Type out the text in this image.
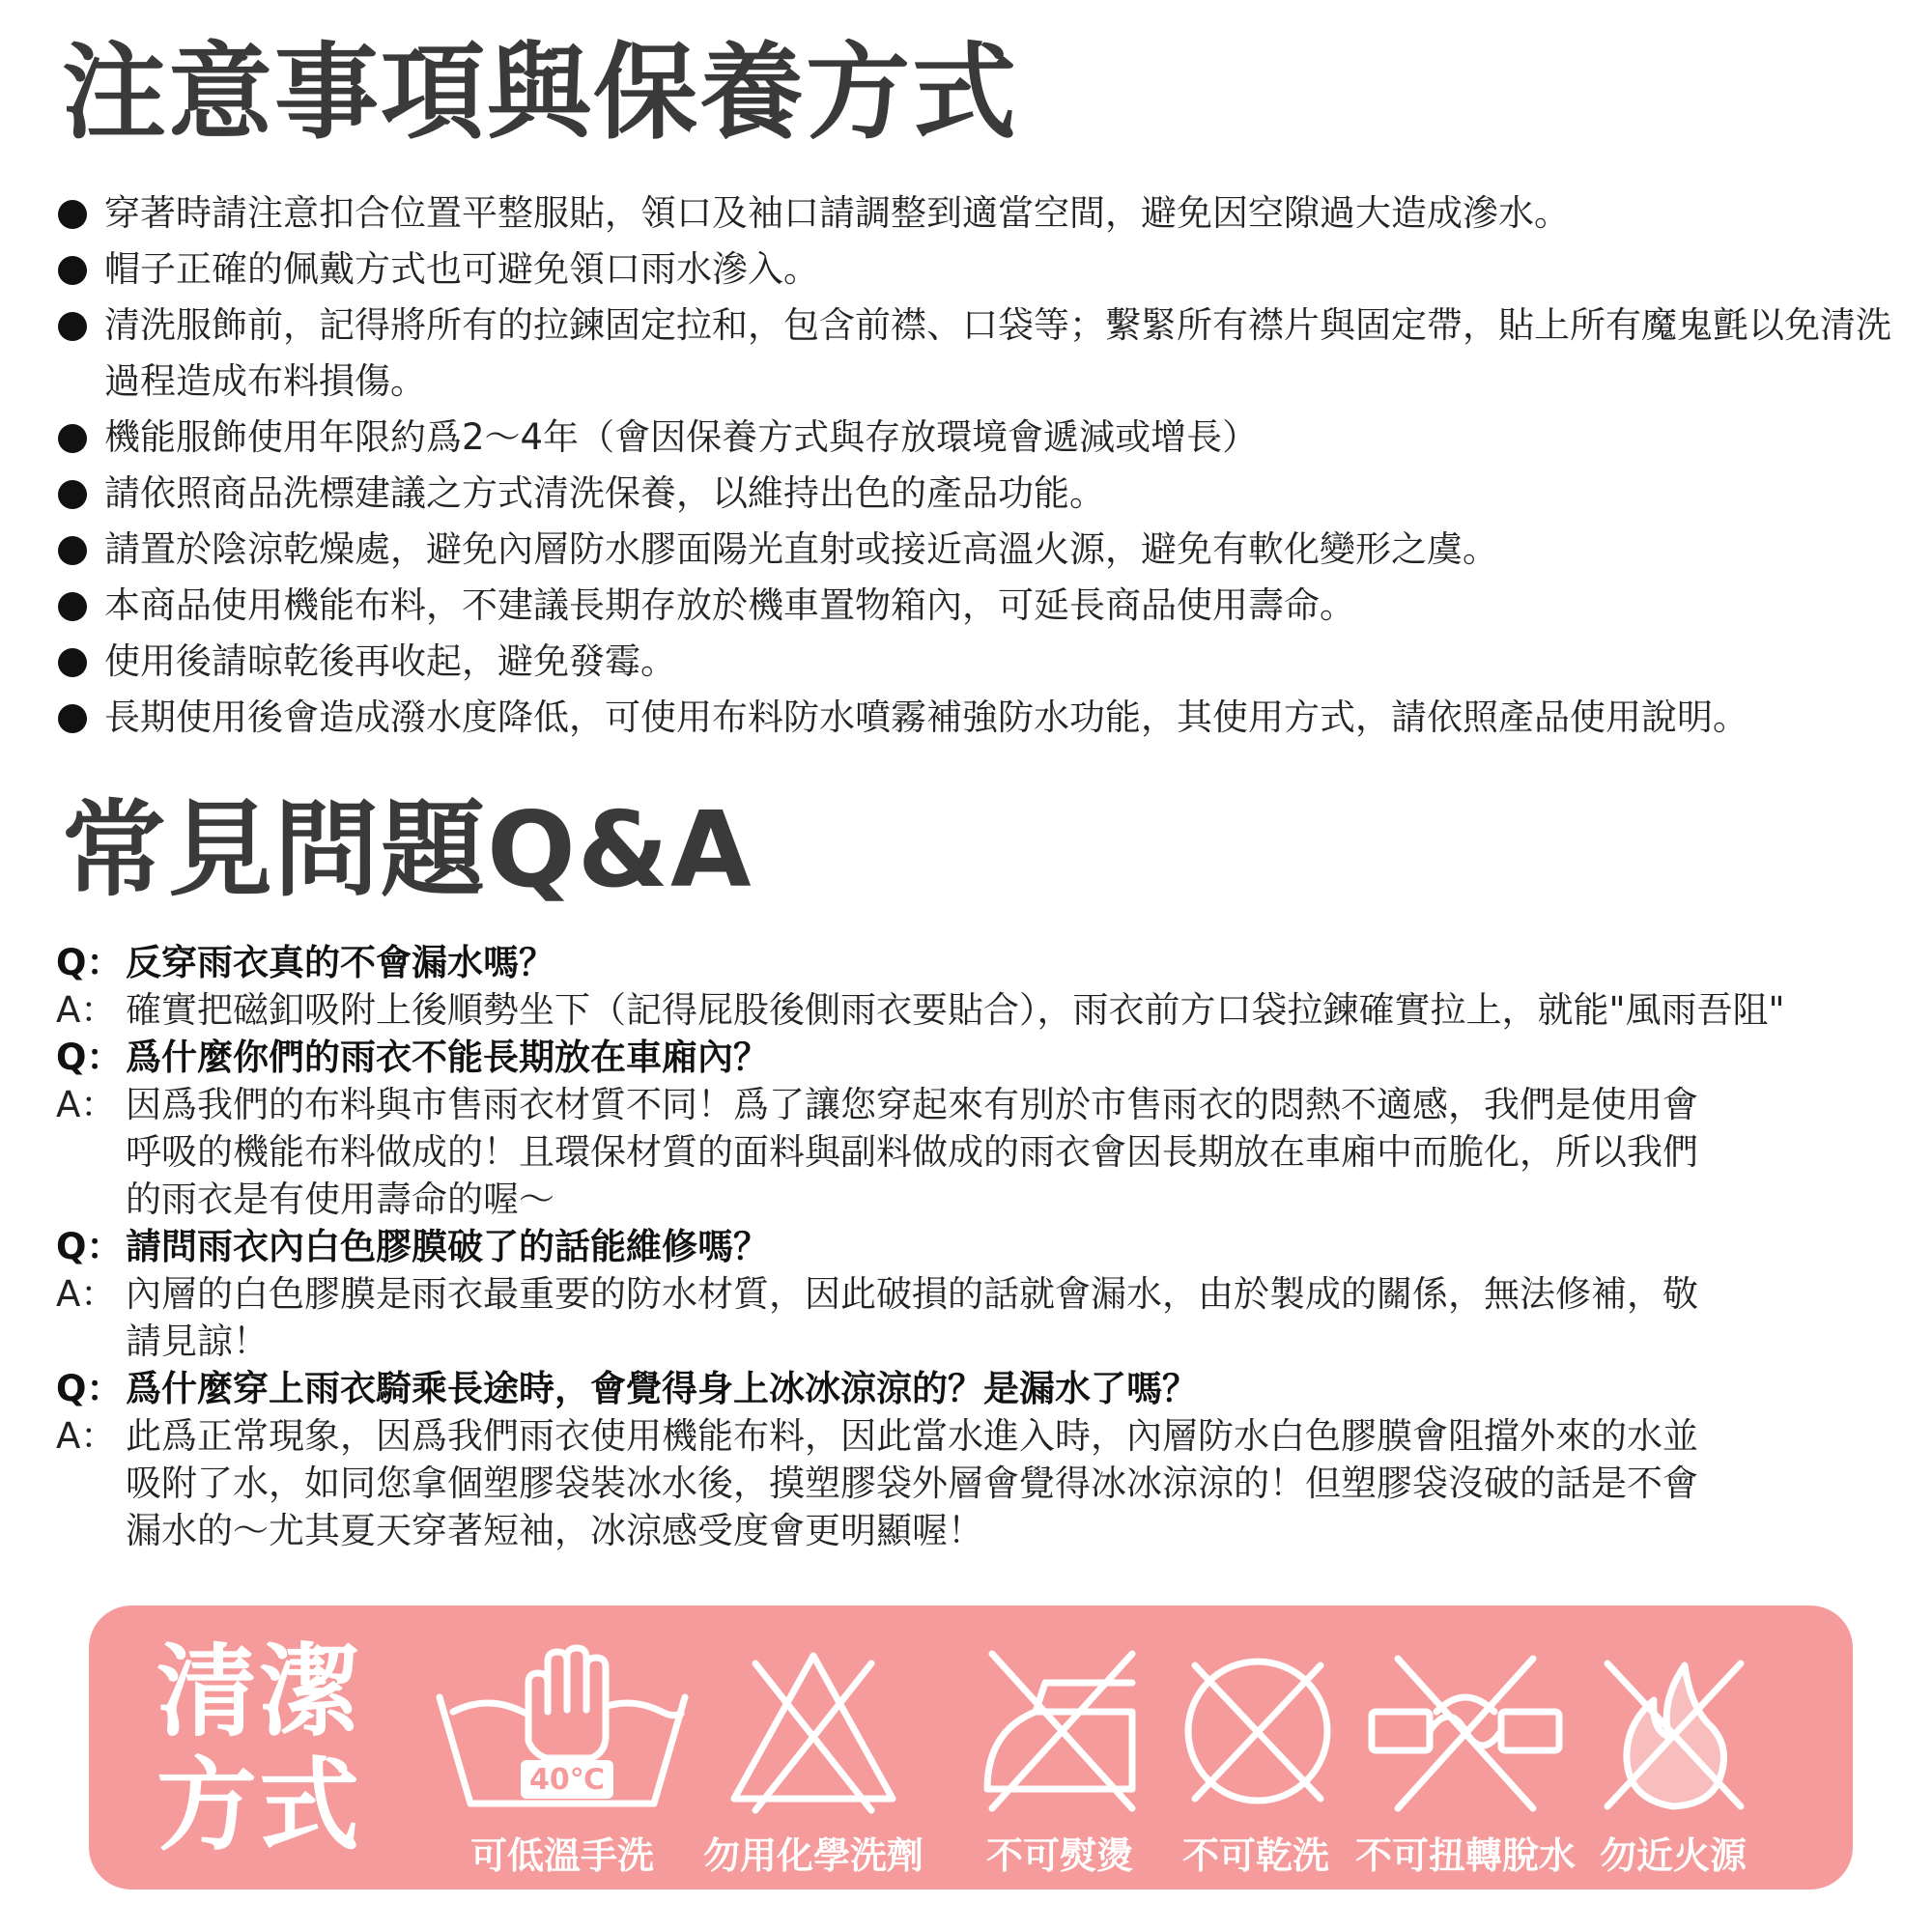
注意事項與保養方式
穿著時請注意扣合位置平整服貼，領口及袖口請調整到適當空間，避免因空隙過大造成滲水。
帽子正確的佩戴方式也可避免領口雨水滲入。
清洗服飾前，記得將所有的拉鍊固定拉和，包含前襟、口袋等；繫緊所有襟片與固定帶，貼上所有魔鬼氈以免清洗過程造成布料損傷。
機能服飾使用年限約爲2～4年（會因保養方式與存放環境會遞減或增長）
請依照商品洗標建議之方式清洗保養，以維持出色的產品功能。
請置於陰涼乾燥處，避免內層防水膠面陽光直射或接近高溫火源，避免有軟化變形之虞。
本商品使用機能布料，不建議長期存放於機車置物箱內，可延長商品使用壽命。
使用後請晾乾後再收起，避免發霉。
長期使用後會造成潑水度降低，可使用布料防水噴霧補強防水功能，其使用方式，請依照產品使用說明。
常見問題Q&A
Q： 反穿雨衣真的不會漏水嗎？
A： 確實把磁釦吸附上後順勢坐下（記得屁股後側雨衣要貼合），雨衣前方口袋拉鍊確實拉上，就能"風雨吾阻"
Q： 爲什麼你們的雨衣不能長期放在車廂內？
A： 因爲我們的布料與市售雨衣材質不同！爲了讓您穿起來有別於市售雨衣的悶熱不適感，我們是使用會呼吸的機能布料做成的！且環保材質的面料與副料做成的雨衣會因長期放在車廂中而脆化，所以我們的雨衣是有使用壽命的喔～
Q： 請問雨衣內白色膠膜破了的話能維修嗎？
A： 內層的白色膠膜是雨衣最重要的防水材質，因此破損的話就會漏水，由於製成的關係，無法修補，敬請見諒！
Q： 爲什麼穿上雨衣騎乘長途時，會覺得身上冰冰涼涼的？是漏水了嗎？
A： 此爲正常現象，因爲我們雨衣使用機能布料，因此當水進入時，內層防水白色膠膜會阻擋外來的水並吸附了水，如同您拿個塑膠袋裝冰水後，摸塑膠袋外層會覺得冰冰涼涼的！但塑膠袋沒破的話是不會漏水的～尤其夏天穿著短袖，冰涼感受度會更明顯喔！
清潔方式	40℃
可低溫手洗 勿用化學洗劑 不可熨燙 不可乾洗 不可扭轉脫水 勿近火源
